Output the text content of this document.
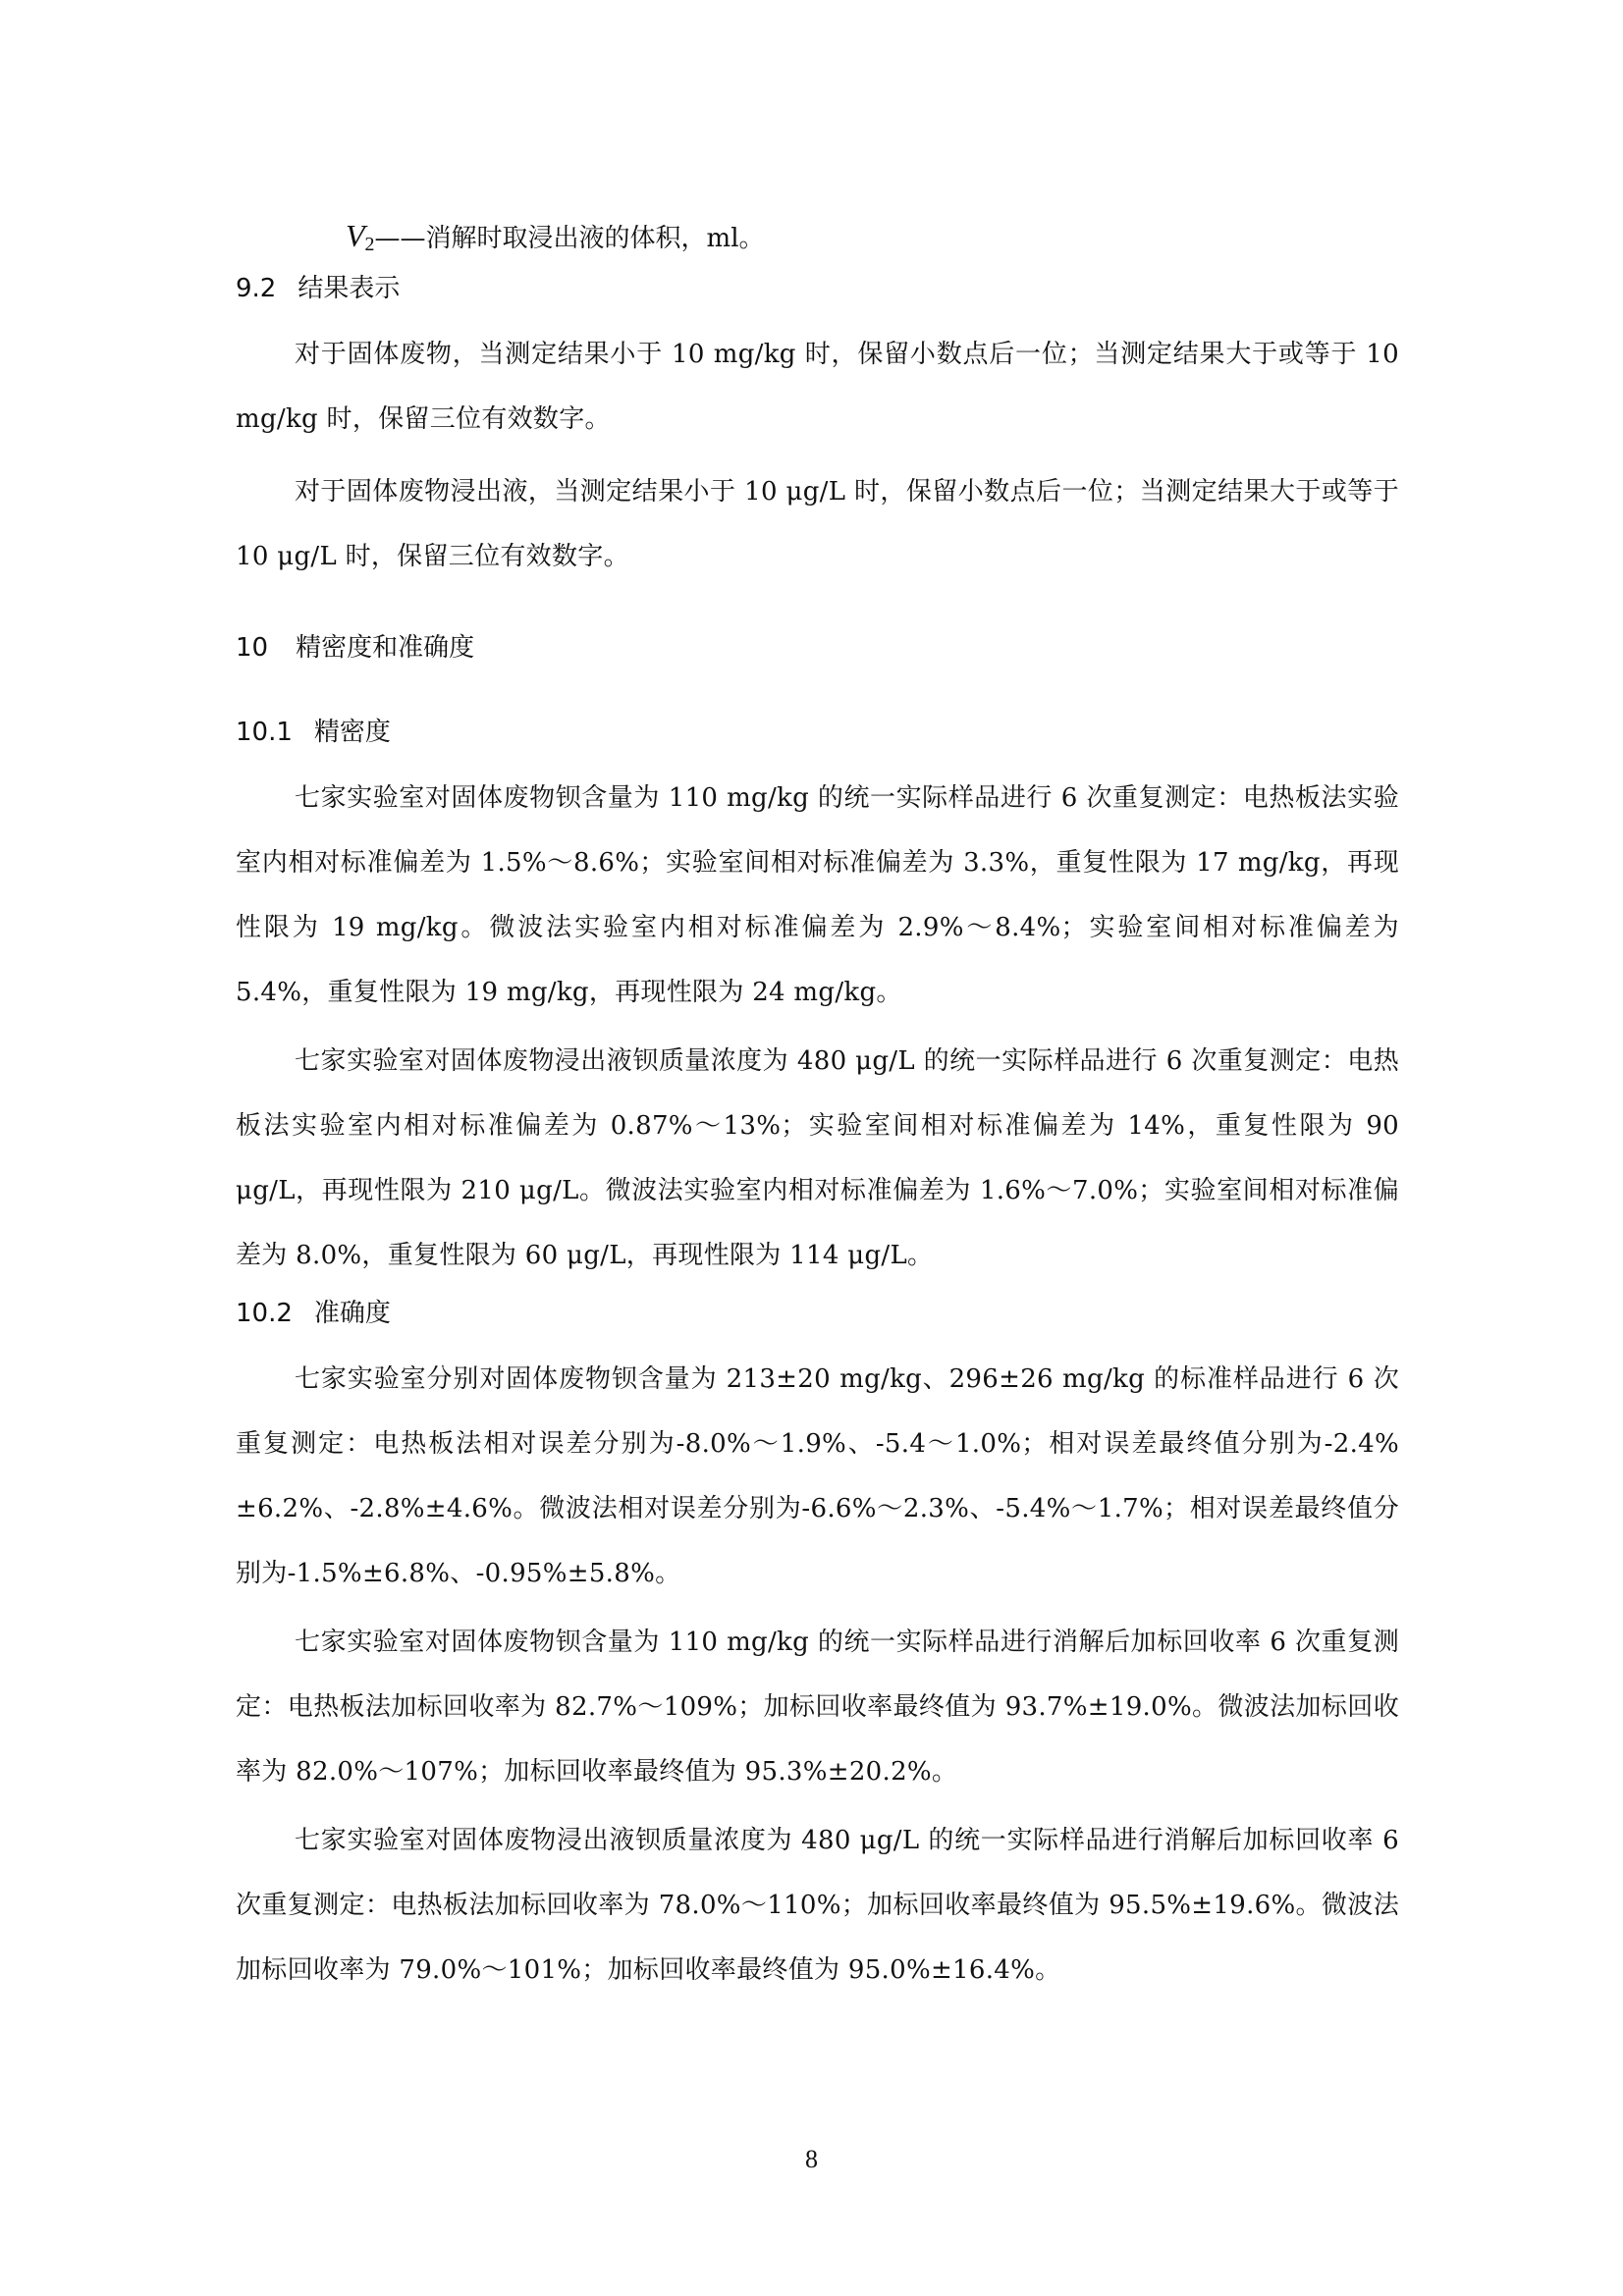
V2——消解时取浸出液的体积，ml。
9.2 结果表示

对于固体废物，当测定结果小于 10 mg/kg 时，保留小数点后一位；当测定结果大于或等于 10 mg/kg 时，保留三位有效数字。

对于固体废物浸出液，当测定结果小于 10 μg/L 时，保留小数点后一位；当测定结果大于或等于 10 μg/L 时，保留三位有效数字。

10 精密度和准确度
10.1 精密度

七家实验室对固体废物钡含量为 110 mg/kg 的统一实际样品进行 6 次重复测定：电热板法实验室内相对标准偏差为 1.5%～8.6%；实验室间相对标准偏差为 3.3%，重复性限为 17 mg/kg，再现性限为 19 mg/kg。微波法实验室内相对标准偏差为 2.9%～8.4%；实验室间相对标准偏差为 5.4%，重复性限为 19 mg/kg，再现性限为 24 mg/kg。

七家实验室对固体废物浸出液钡质量浓度为 480 μg/L 的统一实际样品进行 6 次重复测定：电热板法实验室内相对标准偏差为 0.87%～13%；实验室间相对标准偏差为 14%，重复性限为 90 μg/L，再现性限为 210 μg/L。微波法实验室内相对标准偏差为 1.6%～7.0%；实验室间相对标准偏差为 8.0%，重复性限为 60 μg/L，再现性限为 114 μg/L。

10.2 准确度

七家实验室分别对固体废物钡含量为 213±20 mg/kg、296±26 mg/kg 的标准样品进行 6 次重复测定：电热板法相对误差分别为-8.0%～1.9%、-5.4～1.0%；相对误差最终值分别为-2.4%±6.2%、-2.8%±4.6%。微波法相对误差分别为-6.6%～2.3%、-5.4%～1.7%；相对误差最终值分别为-1.5%±6.8%、-0.95%±5.8%。

七家实验室对固体废物钡含量为 110 mg/kg 的统一实际样品进行消解后加标回收率 6 次重复测定：电热板法加标回收率为 82.7%～109%；加标回收率最终值为 93.7%±19.0%。微波法加标回收率为 82.0%～107%；加标回收率最终值为 95.3%±20.2%。

七家实验室对固体废物浸出液钡质量浓度为 480 μg/L 的统一实际样品进行消解后加标回收率 6 次重复测定：电热板法加标回收率为 78.0%～110%；加标回收率最终值为 95.5%±19.6%。微波法加标回收率为 79.0%～101%；加标回收率最终值为 95.0%±16.4%。

8
